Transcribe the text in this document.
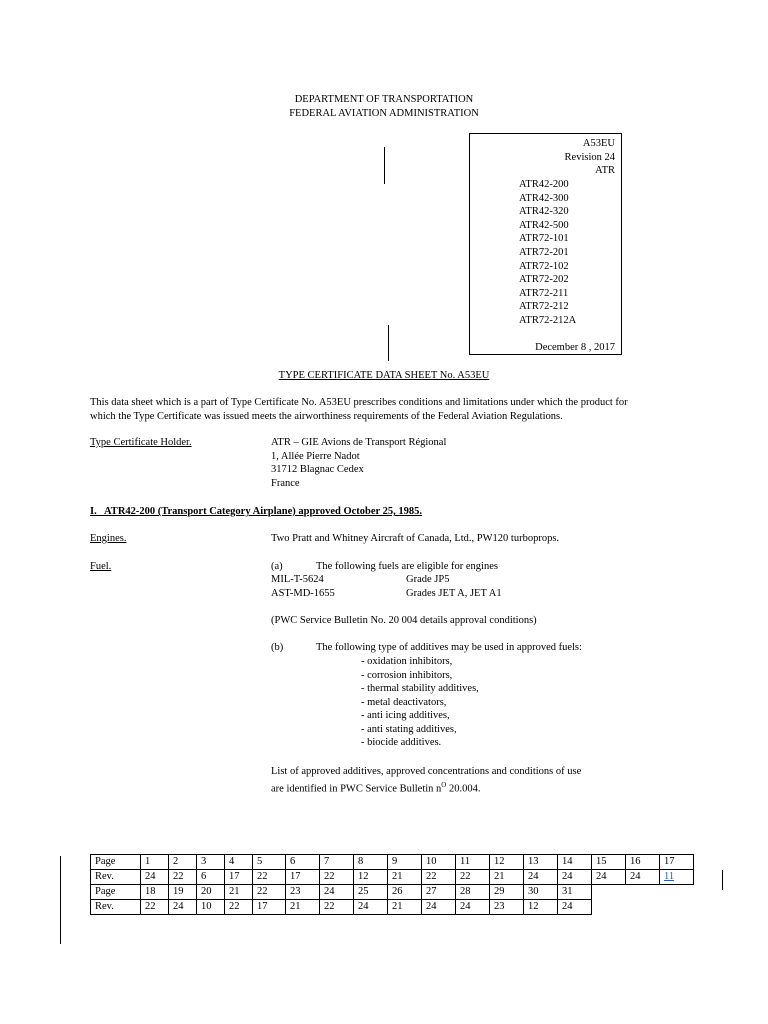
DEPARTMENT OF TRANSPORTATION
FEDERAL AVIATION ADMINISTRATION
A53EU
Revision 24
ATR
ATR42-200
ATR42-300
ATR42-320
ATR42-500
ATR72-101
ATR72-201
ATR72-102
ATR72-202
ATR72-211
ATR72-212
ATR72-212A
December 8 , 2017
TYPE CERTIFICATE DATA SHEET No. A53EU
This data sheet which is a part of Type Certificate No. A53EU prescribes conditions and limitations under which the product for
which the Type Certificate was issued meets the airworthiness requirements of the Federal Aviation Regulations.
Type Certificate Holder.	ATR – GIE Avions de Transport Régional
1, Allée Pierre Nadot
31712 Blagnac Cedex
France
I.   ATR42-200 (Transport Category Airplane) approved October 25, 1985.
Engines.	Two Pratt and Whitney Aircraft of Canada, Ltd., PW120 turboprops.
Fuel.	(a)	The following fuels are eligible for engines
MIL-T-5624	Grade JP5
AST-MD-1655	Grades JET A, JET A1
(PWC Service Bulletin No. 20 004 details approval conditions)
(b)	The following type of additives may be used in approved fuels:
- oxidation inhibitors,
- corrosion inhibitors,
- thermal stability additives,
- metal deactivators,
- anti icing additives,
- anti stating additives,
- biocide additives.
List of approved additives, approved concentrations and conditions of use
are identified in PWC Service Bulletin $n^O$ 20.004.
Page	1	2	3	4	5	6	7	8	9	10	11	12	13	14	15	16	17
Rev.	24	22	6	17	22	17	22	12	21	22	22	21	24	24	24	24	11
Page	18	19	20	21	22	23	24	25	26	27	28	29	30	31			
Rev.	22	24	10	22	17	21	22	24	21	24	24	23	12	24			
